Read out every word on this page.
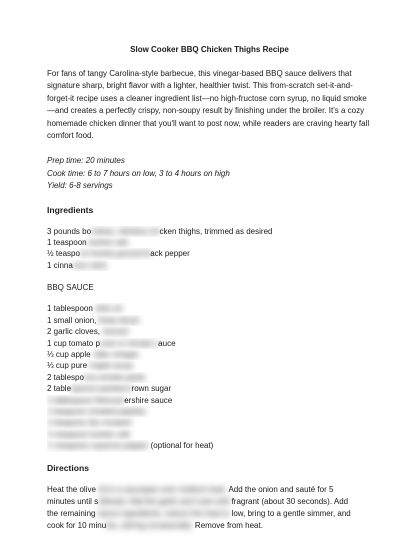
Slow Cooker BBQ Chicken Thighs Recipe
For fans of tangy Carolina-style barbecue, this vinegar-based BBQ sauce delivers that signature sharp, bright flavor with a lighter, healthier twist. This from-scratch set-it-and-forget-it recipe uses a cleaner ingredient list—no high-fructose corn syrup, no liquid smoke—and creates a perfectly crispy, non-soupy result by finishing under the broiler. It's a cozy homemade chicken dinner that you'll want to post now, while readers are craving hearty fall comfort food.
Prep time: 20 minutes
Cook time: 6 to 7 hours on low, 3 to 4 hours on high
Yield: 6-8 servings
Ingredients
3 pounds boneless, skinless chicken thighs, trimmed as desired
1 teaspoon kosher salt
½ teaspoon freshly ground black pepper
1 cinnamon stick
BBQ SAUCE
1 tablespoon olive oil
1 small onion, finely diced
2 garlic cloves, minced
1 cup tomato puree or tomato sauce
⅓ cup apple cider vinegar
⅓ cup pure maple syrup
2 tablespoons tomato paste
2 tablespoons packed brown sugar
1 tablespoon Worcestershire sauce
1 teaspoon smoked paprika
1 teaspoon dry mustard
½ teaspoon kosher salt
¼ teaspoon cayenne pepper (optional for heat)
Directions
Heat the olive oil in a saucepan over medium heat. Add the onion and sauté for 5
minutes until softened. Add the garlic and cook until fragrant (about 30 seconds). Add
the remaining sauce ingredients, reduce the heat to low, bring to a gentle simmer, and
cook for 10 minutes, stirring occasionally. Remove from heat.
